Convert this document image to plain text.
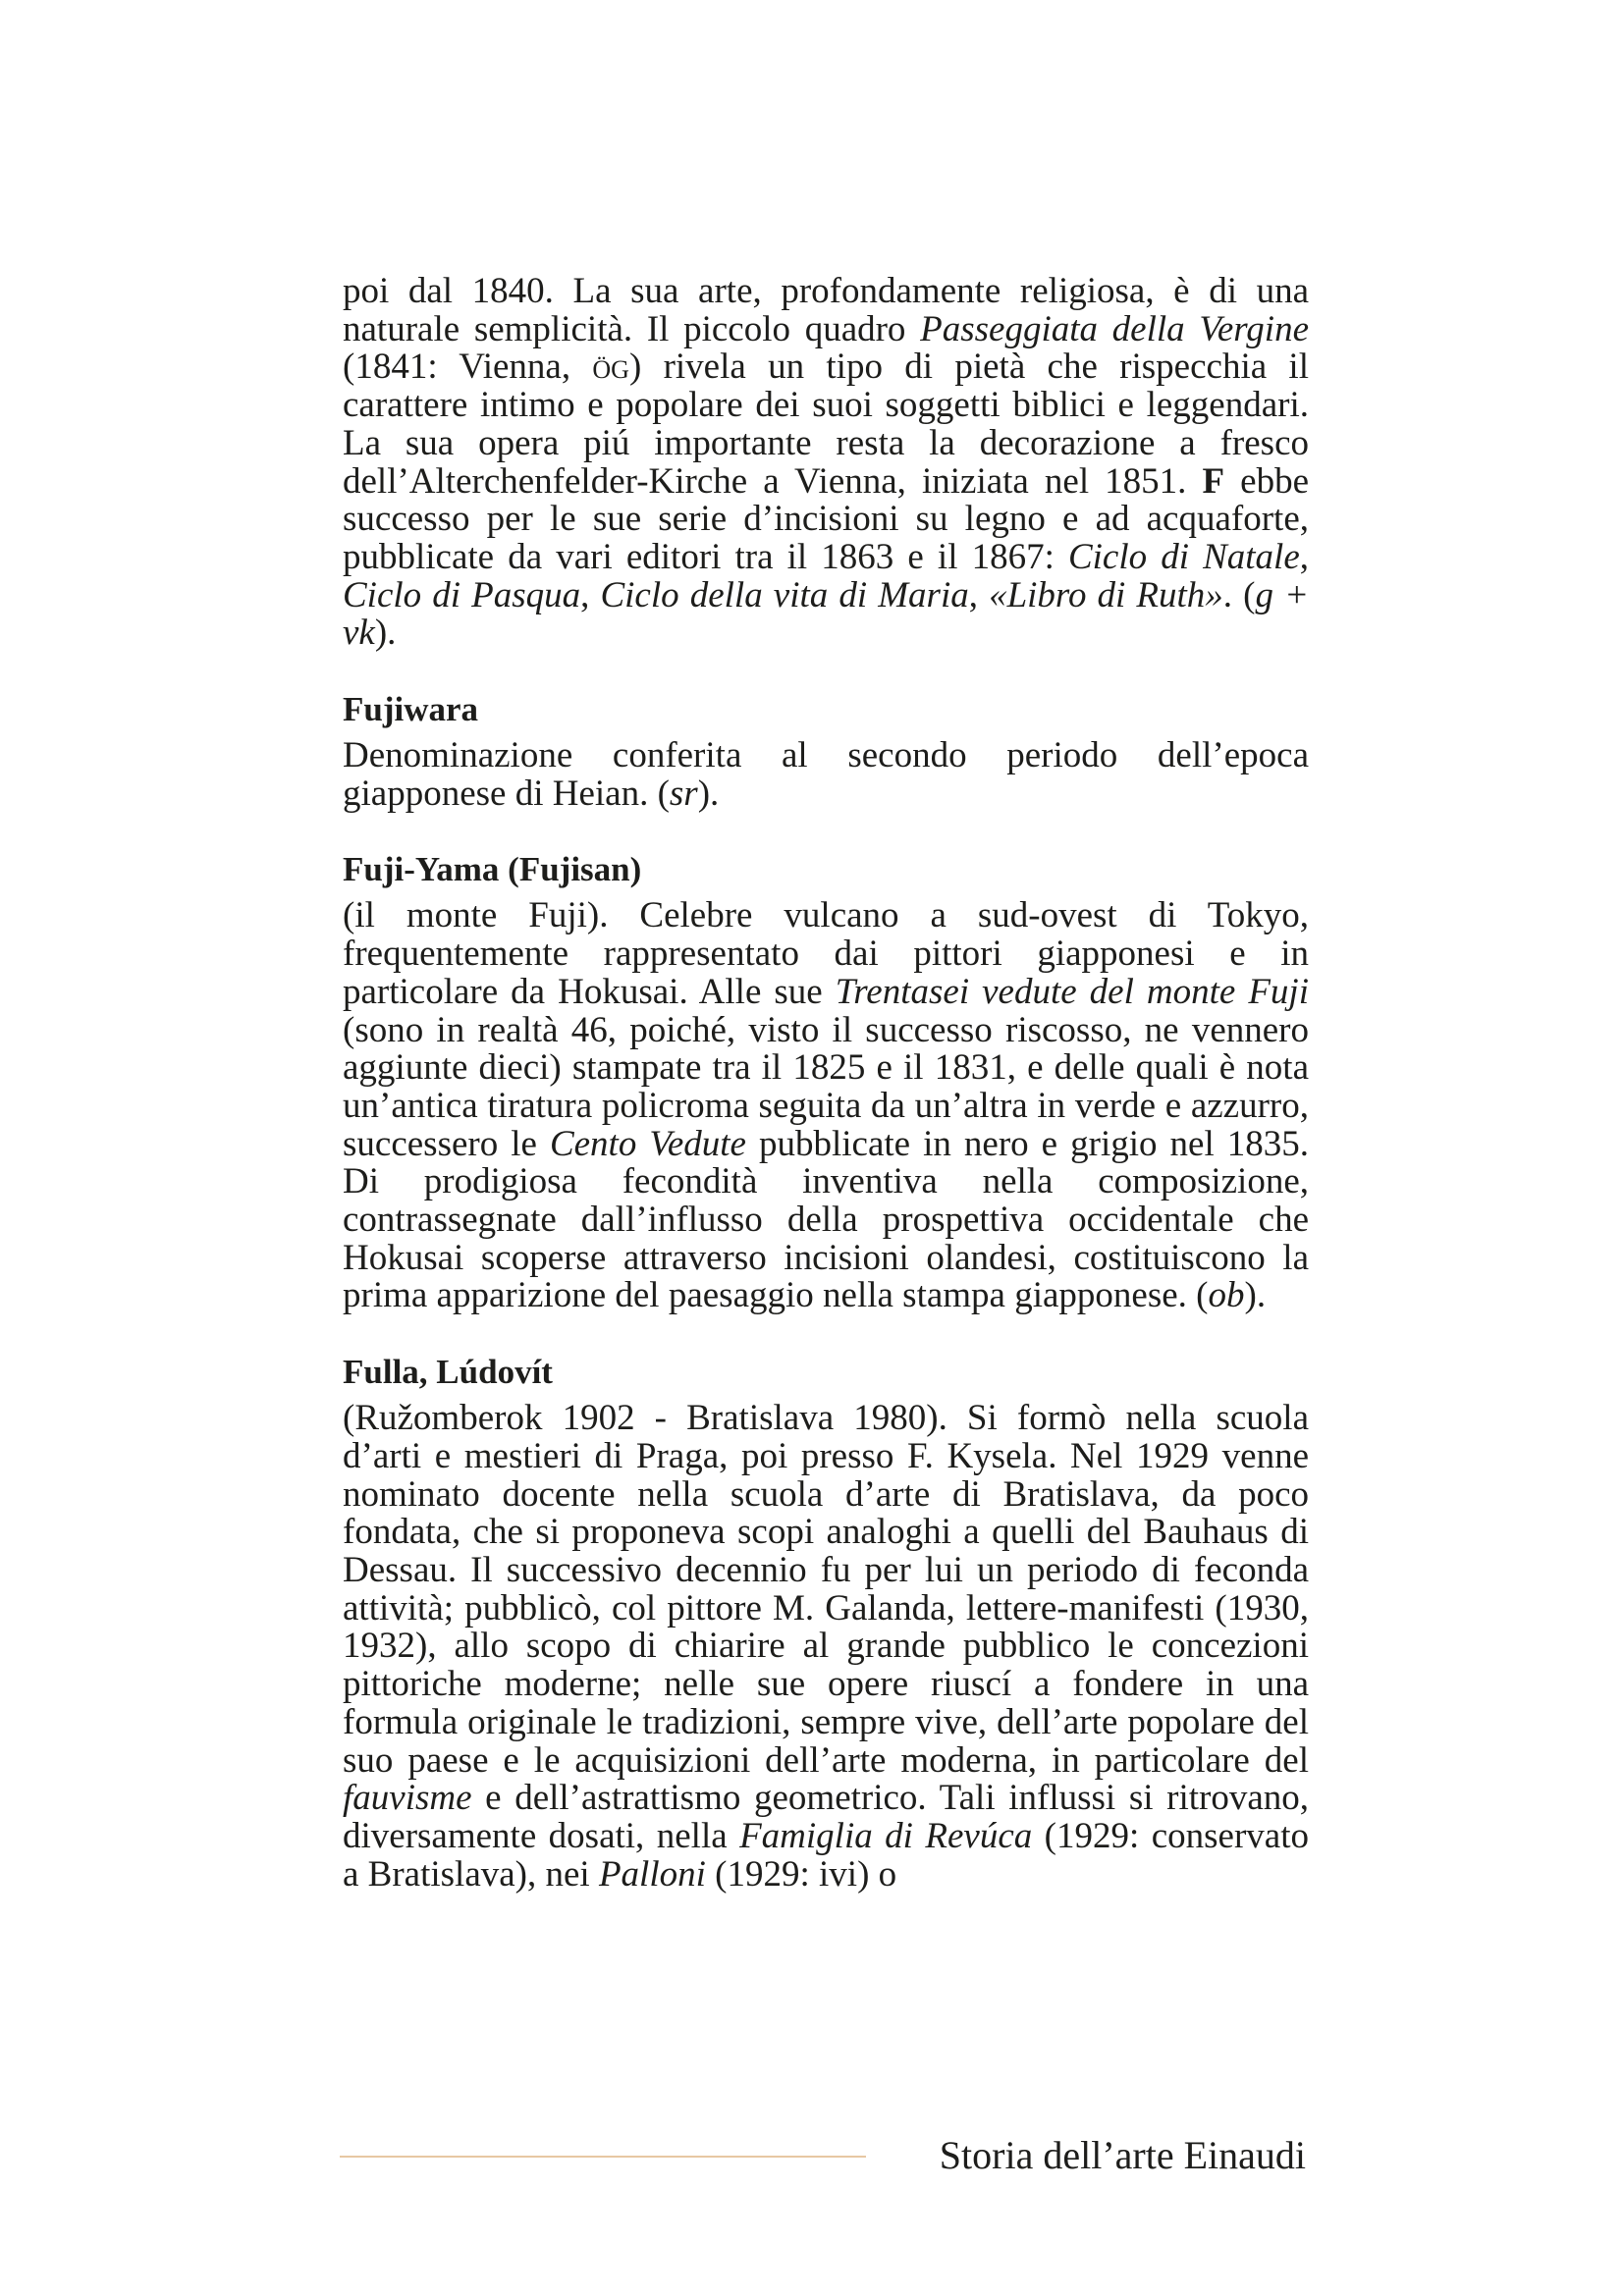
poi dal 1840. La sua arte, profondamente religiosa, è di una naturale semplicità. Il piccolo quadro Passeggiata della Vergine (1841: Vienna, ög) rivela un tipo di pietà che rispecchia il carattere intimo e popolare dei suoi soggetti biblici e leggendari. La sua opera piú importante resta la decorazione a fresco dell’Alterchenfelder-Kirche a Vienna, iniziata nel 1851. F ebbe successo per le sue serie d’incisioni su legno e ad acquaforte, pubblicate da vari editori tra il 1863 e il 1867: Ciclo di Natale, Ciclo di Pasqua, Ciclo della vita di Maria, «Libro di Ruth». (g + vk).

Fujiwara

Denominazione conferita al secondo periodo dell’epoca giapponese di Heian. (sr).

Fuji-Yama (Fujisan)

(il monte Fuji). Celebre vulcano a sud-ovest di Tokyo, frequentemente rappresentato dai pittori giapponesi e in particolare da Hokusai. Alle sue Trentasei vedute del monte Fuji (sono in realtà 46, poiché, visto il successo riscosso, ne vennero aggiunte dieci) stampate tra il 1825 e il 1831, e delle quali è nota un’antica tiratura policroma seguita da un’altra in verde e azzurro, successero le Cento Vedute pubblicate in nero e grigio nel 1835. Di prodigiosa fecondità inventiva nella composizione, contrassegnate dall’influsso della prospettiva occidentale che Hokusai scoperse attraverso incisioni olandesi, costituiscono la prima apparizione del paesaggio nella stampa giapponese. (ob).

Fulla, Lúdovít

(Ružomberok 1902 - Bratislava 1980). Si formò nella scuola d’arti e mestieri di Praga, poi presso F. Kysela. Nel 1929 venne nominato docente nella scuola d’arte di Bratislava, da poco fondata, che si proponeva scopi analoghi a quelli del Bauhaus di Dessau. Il successivo decennio fu per lui un periodo di feconda attività; pubblicò, col pittore M. Galanda, lettere-manifesti (1930, 1932), allo scopo di chiarire al grande pubblico le concezioni pittoriche moderne; nelle sue opere riuscí a fondere in una formula originale le tradizioni, sempre vive, dell’arte popolare del suo paese e le acquisizioni dell’arte moderna, in particolare del fauvisme e dell’astrattismo geometrico. Tali influssi si ritrovano, diversamente dosati, nella Famiglia di Revúca (1929: conservato a Bratislava), nei Palloni (1929: ivi) o

Storia dell’arte Einaudi
